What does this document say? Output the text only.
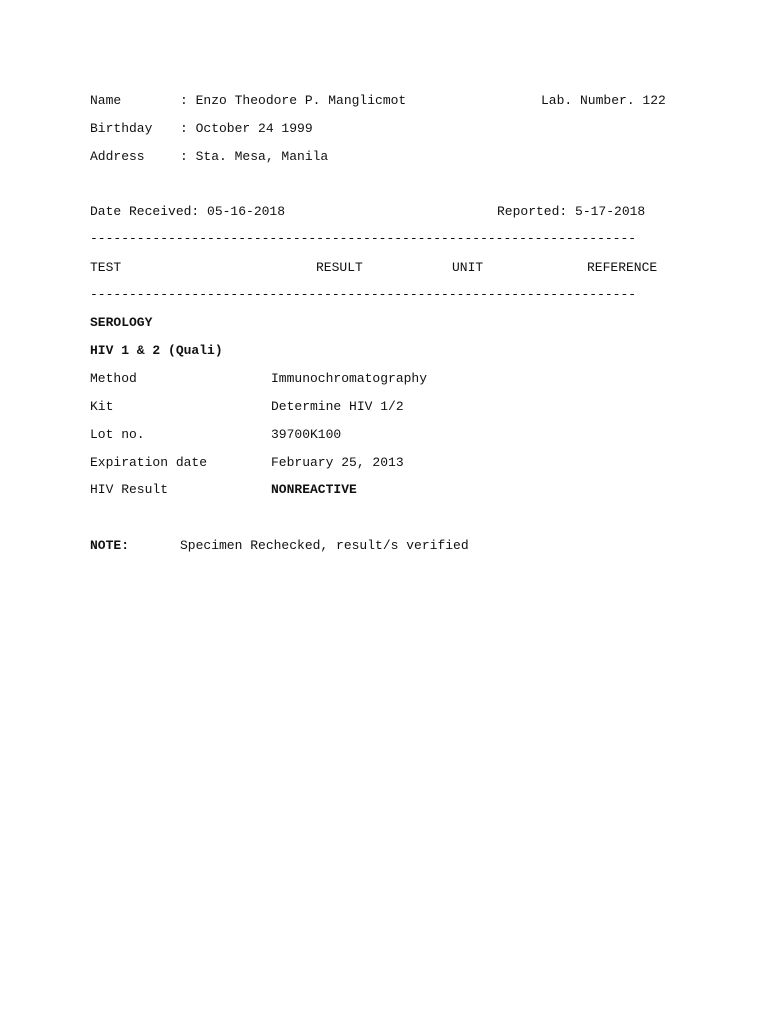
Name	: Enzo Theodore P. Manglicmot	Lab. Number. 122
Birthday : October 24 1999
Address	: Sta. Mesa, Manila
Date Received: 05-16-2018	Reported: 5-17-2018
----------------------------------------------------------------------
TEST	RESULT	UNIT	REFERENCE
----------------------------------------------------------------------
SEROLOGY
HIV 1 & 2 (Quali)
Method	Immunochromatography
Kit	Determine HIV 1/2
Lot no.	39700K100
Expiration date	February 25, 2013
HIV Result	NONREACTIVE
NOTE:	Specimen Rechecked, result/s verified
